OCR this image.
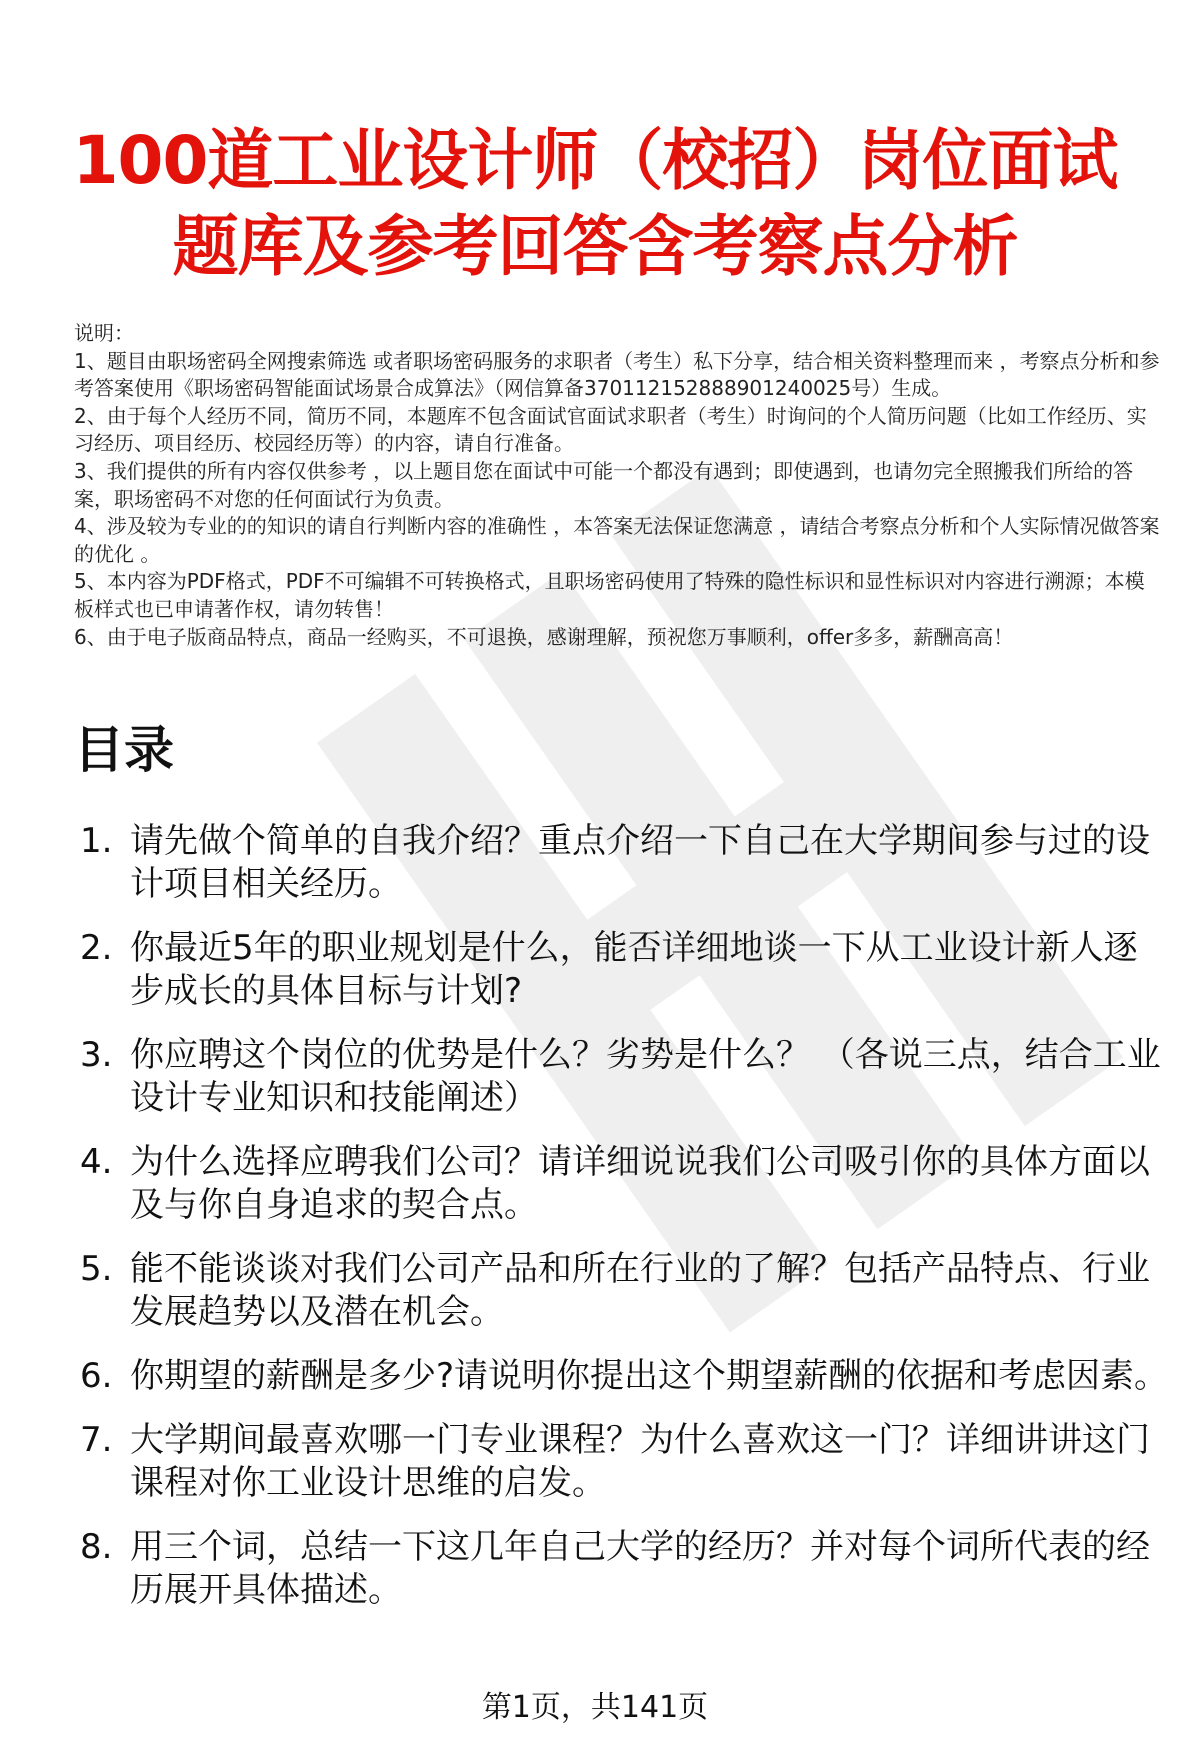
100道工业设计师（校招）岗位面试
题库及参考回答含考察点分析

说明：

1、题目由职场密码全网搜索筛选 或者职场密码服务的求职者（考生）私下分享，结合相关资料整理而来 ，考察点分析和参考答案使用《职场密码智能面试场景合成算法》（网信算备370112152888901240025号）生成。

2、由于每个人经历不同，简历不同，本题库不包含面试官面试求职者（考生）时询问的个人简历问题（比如工作经历、实习经历、项目经历、校园经历等）的内容，请自行准备。

3、我们提供的所有内容仅供参考 ，以上题目您在面试中可能一个都没有遇到；即使遇到，也请勿完全照搬我们所给的答案，职场密码不对您的任何面试行为负责。

4、涉及较为专业的的知识的请自行判断内容的准确性 ，本答案无法保证您满意 ，请结合考察点分析和个人实际情况做答案的优化 。

5、本内容为PDF格式，PDF不可编辑不可转换格式，且职场密码使用了特殊的隐性标识和显性标识对内容进行溯源；本模板样式也已申请著作权，请勿转售！

6、由于电子版商品特点，商品一经购买，不可退换，感谢理解，预祝您万事顺利，offer多多，薪酬高高！

目录
1. 请先做个简单的自我介绍？重点介绍一下自己在大学期间参与过的设计项目相关经历。
2. 你最近5年的职业规划是什么，能否详细地谈一下从工业设计新人逐步成长的具体目标与计划?
3. 你应聘这个岗位的优势是什么？劣势是什么？ （各说三点，结合工业设计专业知识和技能阐述）
4. 为什么选择应聘我们公司？请详细说说我们公司吸引你的具体方面以及与你自身追求的契合点。
5. 能不能谈谈对我们公司产品和所在行业的了解？包括产品特点、行业发展趋势以及潜在机会。
6. 你期望的薪酬是多少?请说明你提出这个期望薪酬的依据和考虑因素。
7. 大学期间最喜欢哪一门专业课程？为什么喜欢这一门？详细讲讲这门课程对你工业设计思维的启发。
8. 用三个词，总结一下这几年自己大学的经历？并对每个词所代表的经历展开具体描述。
第1页，共141页
